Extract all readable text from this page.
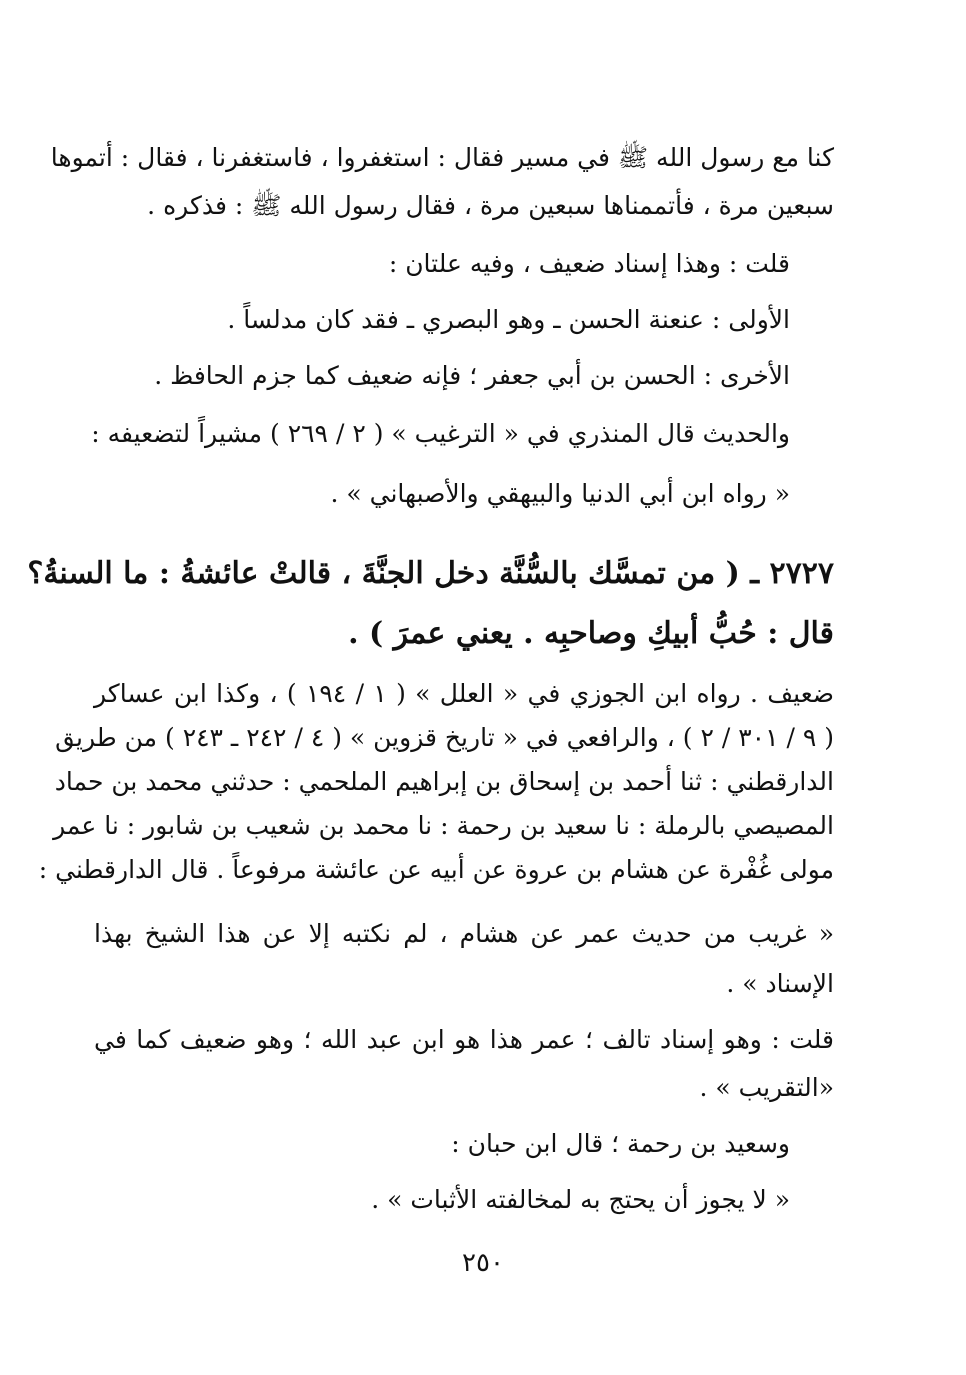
كنا مع رسول الله ﷺ في مسير فقال : استغفروا ، فاستغفرنا ، فقال : أتموها
سبعين مرة ، فأتممناها سبعين مرة ، فقال رسول الله ﷺ : فذكره .
قلت : وهذا إسناد ضعيف ، وفيه علتان :
الأولى : عنعنة الحسن ـ وهو البصري ـ فقد كان مدلساً .
الأخرى : الحسن بن أبي جعفر ؛ فإنه ضعيف كما جزم الحافظ .
والحديث قال المنذري في « الترغيب » ( ٢ / ٢٦٩ ) مشيراً لتضعيفه :
« رواه ابن أبي الدنيا والبيهقي والأصبهاني » .
٢٧٢٧ ـ ( من تمسَّك بالسُّنَّة دخل الجنَّةَ ، قالتْ عائشةُ : ما السنةُ؟
قال : حُبُّ أبيكِ وصاحبِه . يعني عمرَ ) .
ضعيف . رواه ابن الجوزي في « العلل » ( ١ / ١٩٤ ) ، وكذا ابن عساكر
( ٩ / ٣٠١ / ٢ ) ، والرافعي في « تاريخ قزوين » ( ٤ / ٢٤٢ ـ ٢٤٣ ) من طريق
الدارقطني : ثنا أحمد بن إسحاق بن إبراهيم الملحمي : حدثني محمد بن حماد
المصيصي بالرملة : نا سعيد بن رحمة : نا محمد بن شعيب بن شابور : نا عمر
مولى غُفْرة عن هشام بن عروة عن أبيه عن عائشة مرفوعاً . قال الدارقطني :
« غريب من حديث عمر عن هشام ، لم نكتبه إلا عن هذا الشيخ بهذا
الإسناد » .
قلت : وهو إسناد تالف ؛ عمر هذا هو ابن عبد الله ؛ وهو ضعيف كما في
«التقريب » .
وسعيد بن رحمة ؛ قال ابن حبان :
« لا يجوز أن يحتج به لمخالفته الأثبات » .
٢٥٠
